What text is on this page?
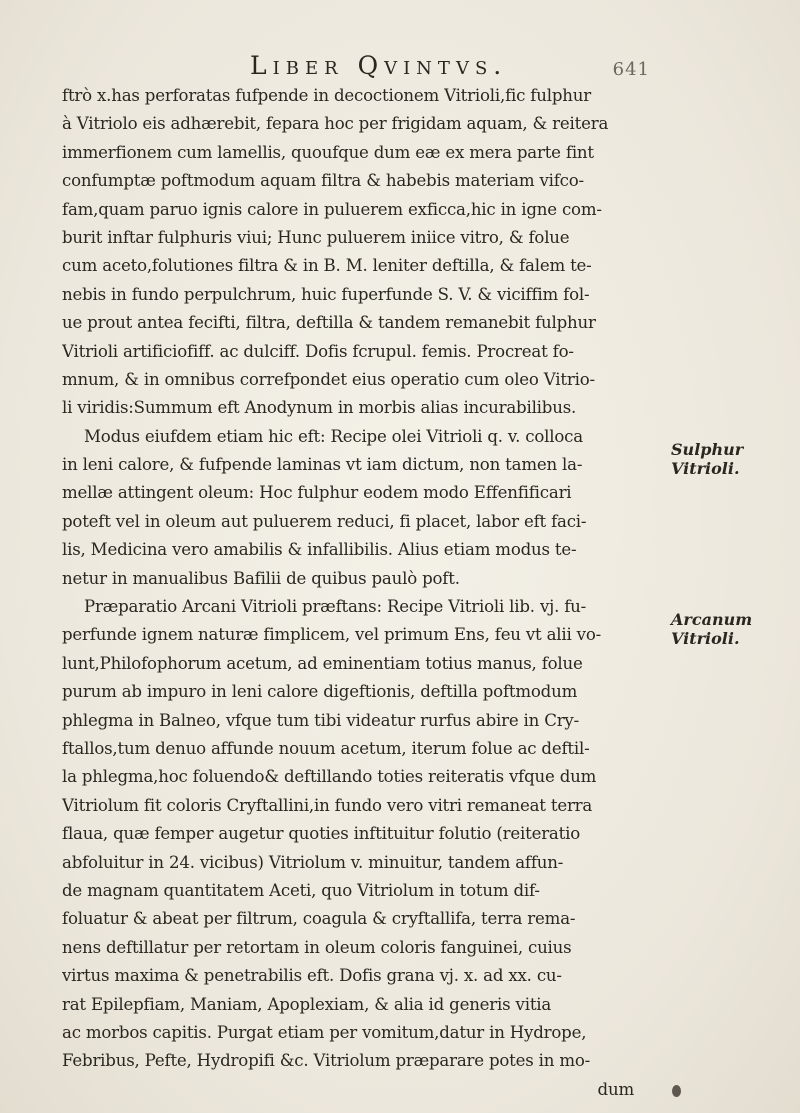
Liber Qvintvs.	641
ftrò x.has perforatas fufpende in decoctionem Vitrioli,fic fulphur
à Vitriolo eis adhærebit, fepara hoc per frigidam aquam, & reitera
immerfionem cum lamellis, quoufque dum eæ ex mera parte fint
confumptæ poftmodum aquam filtra & habebis materiam vifco-
fam,quam paruo ignis calore in puluerem exficca,hic in igne com-
burit inftar fulphuris viui; Hunc puluerem iniice vitro, & folue
cum aceto,folutiones filtra & in B. M. leniter deftilla, & falem te-
nebis in fundo perpulchrum, huic fuperfunde S. V. & viciffim fol-
ue prout antea fecifti, filtra, deftilla & tandem remanebit fulphur
Vitrioli artificiofiff. ac dulciff. Dofis fcrupul. femis. Procreat fo-
mnum, & in omnibus correfpondet eius operatio cum oleo Vitrio-
li viridis:Summum eft Anodynum in morbis alias incurabilibus.
Modus eiufdem etiam hic eft: Recipe olei Vitrioli q. v. colloca
in leni calore, & fufpende laminas vt iam dictum, non tamen la-
mellæ attingent oleum: Hoc fulphur eodem modo Effenfificari
poteft vel in oleum aut puluerem reduci, fi placet, labor eft faci-
lis, Medicina vero amabilis & infallibilis. Alius etiam modus te-
netur in manualibus Bafilii de quibus paulò poft.
Præparatio Arcani Vitrioli præftans: Recipe Vitrioli lib. vj. fu-
perfunde ignem naturæ fimplicem, vel primum Ens, feu vt alii vo-
lunt,Philofophorum acetum, ad eminentiam totius manus, folue
purum ab impuro in leni calore digeftionis, deftilla poftmodum
phlegma in Balneo, vfque tum tibi videatur rurfus abire in Cry-
ftallos,tum denuo affunde nouum acetum, iterum folue ac deftil-
la phlegma,hoc foluendo& deftillando toties reiteratis vfque dum
Vitriolum fit coloris Cryftallini,in fundo vero vitri remaneat terra
flaua, quæ femper augetur quoties inftituitur folutio (reiteratio
abfoluitur in 24. vicibus) Vitriolum v. minuitur, tandem affun-
de magnam quantitatem Aceti, quo Vitriolum in totum dif-
foluatur & abeat per filtrum, coagula & cryftallifa, terra rema-
nens deftillatur per retortam in oleum coloris fanguinei, cuius
virtus maxima & penetrabilis eft. Dofis grana vj. x. ad xx. cu-
rat Epilepfiam, Maniam, Apoplexiam, & alia id generis vitia
ac morbos capitis. Purgat etiam per vomitum,datur in Hydrope,
Febribus, Pefte, Hydropifi &c. Vitriolum præparare potes in mo-
dum
Sulphur Vitrioli.
Arcanum Vitrioli.
